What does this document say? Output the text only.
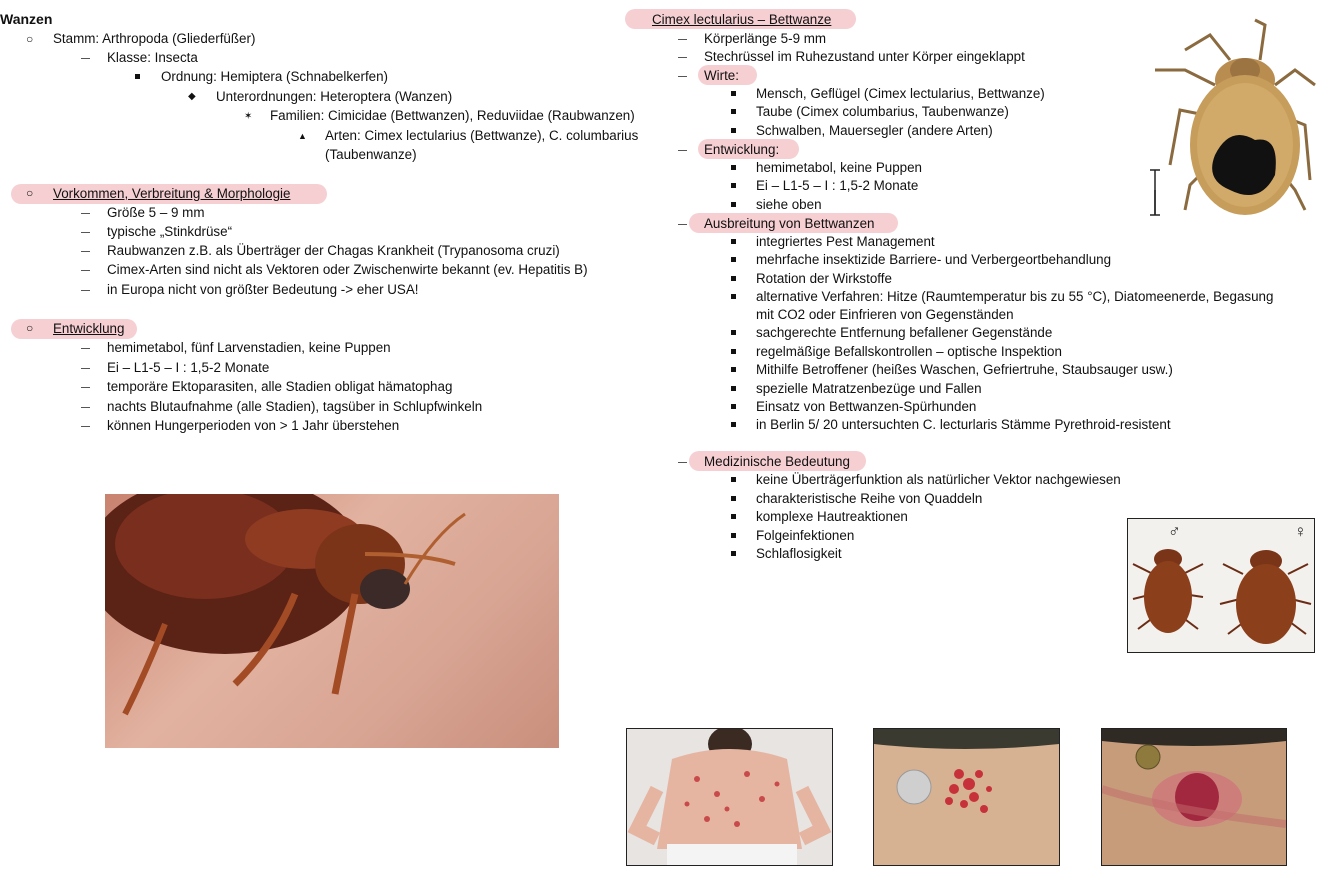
Wanzen
○ Stamm: Arthropoda (Gliederfüßer)
Klasse: Insecta
Ordnung: Hemiptera (Schnabelkerfen)
◆ Unterordnungen: Heteroptera (Wanzen)
✶ Familien: Cimicidae (Bettwanzen), Reduviidae (Raubwanzen)
▲ Arten: Cimex lectularius (Bettwanze), C. columbarius
(Taubenwanze)
○ Vorkommen, Verbreitung & Morphologie
Größe 5 – 9 mm
typische „Stinkdrüse“
Raubwanzen z.B. als Überträger der Chagas Krankheit (Trypanosoma cruzi)
Cimex-Arten sind nicht als Vektoren oder Zwischenwirte bekannt (ev. Hepatitis B)
in Europa nicht von größter Bedeutung -> eher USA!
○ Entwicklung
hemimetabol, fünf Larvenstadien, keine Puppen
Ei – L1-5 – I : 1,5-2 Monate
temporäre Ektoparasiten, alle Stadien obligat hämatophag
nachts Blutaufnahme (alle Stadien), tagsüber in Schlupfwinkeln
können Hungerperioden von > 1 Jahr überstehen
Cimex lectularius – Bettwanze
Körperlänge 5-9 mm
Stechrüssel im Ruhezustand unter Körper eingeklappt
Wirte:
Mensch, Geflügel (Cimex lectularius, Bettwanze)
Taube (Cimex columbarius, Taubenwanze)
Schwalben, Mauersegler (andere Arten)
Entwicklung:
hemimetabol, keine Puppen
Ei – L1-5 – I : 1,5-2 Monate
siehe oben
Ausbreitung von Bettwanzen
integriertes Pest Management
mehrfache insektizide Barriere- und Verbergeortbehandlung
Rotation der Wirkstoffe
alternative Verfahren: Hitze (Raumtemperatur bis zu 55 °C), Diatomeenerde, Begasung
mit CO2 oder Einfrieren von Gegenständen
sachgerechte Entfernung befallener Gegenstände
regelmäßige Befallskontrollen – optische Inspektion
Mithilfe Betroffener (heißes Waschen, Gefriertruhe, Staubsauger usw.)
spezielle Matratzenbezüge und Fallen
Einsatz von Bettwanzen-Spürhunden
in Berlin 5/ 20 untersuchten C. lecturlaris Stämme Pyrethroid-resistent
Medizinische Bedeutung
keine Überträgerfunktion als natürlicher Vektor nachgewiesen
charakteristische Reihe von Quaddeln
komplexe Hautreaktionen
Folgeinfektionen
Schlaflosigkeit
♂	♀
